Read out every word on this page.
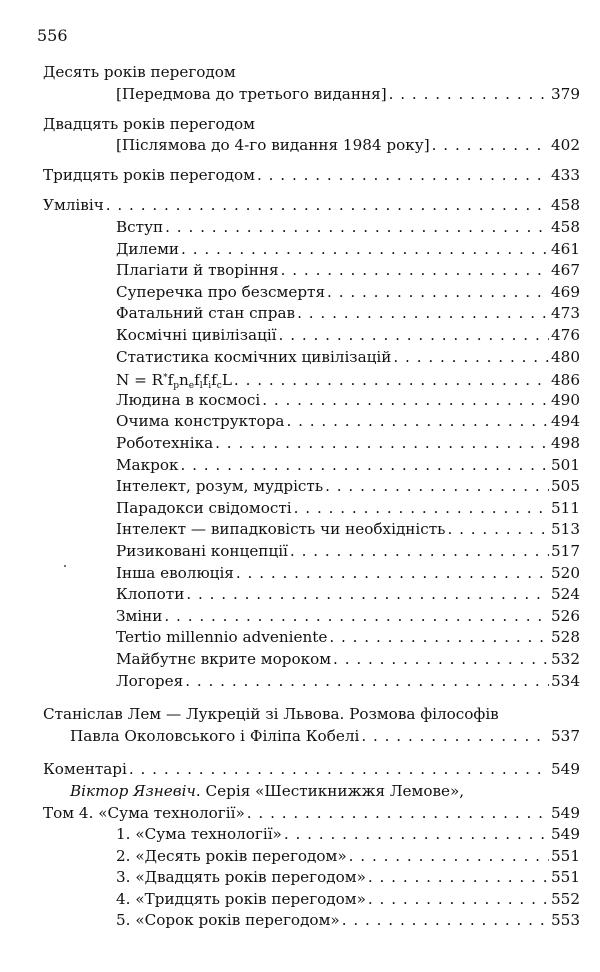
556
Десять років перегодом
[Передмова до третього видання] . . .	379
Двадцять років перегодом
[Післямова до 4-го видання 1984 року] . . .	402
Тридцять років перегодом . . .	433
Умлівіч . . .	458
Вступ . . .	458
Дилеми . . .	461
Плагіати й творіння . . .	467
Суперечка про безсмертя . . .	469
Фатальний стан справ . . .	473
Космічні цивілізації . . .	476
Статистика космічних цивілізацій . . .	480
$N = R^*f_pn_ef_lf_if_cL$ . . .	486
Людина в космосі . . .	490
Очима конструктора . . .	494
Роботехніка . . .	498
Макрок . . .	501
Інтелект, розум, мудрість . . .	505
Парадокси свідомості . . .	511
Інтелект — випадковість чи необхідність . . .	513
Ризиковані концепції . . .	517
Інша еволюція . . .	520
Клопоти . . .	524
Зміни . . .	526
Tertio millennio adveniente . . .	528
Майбутнє вкрите мороком . . .	532
Логорея . . .	534
Станіслав Лем — Лукрецій зі Львова. Розмова філософів
Павла Околовського і Філіпа Кобелі . . .	537
Коментарі . . .	549
Віктор Язневіч. Серія «Шестикнижжя Лемове»,
Том 4. «Сума технології» . . .	549
1. «Сума технології» . . .	549
2. «Десять років перегодом» . . .	551
3. «Двадцять років перегодом» . . .	551
4. «Тридцять років перегодом» . . .	552
5. «Сорок років перегодом» . . .	553
